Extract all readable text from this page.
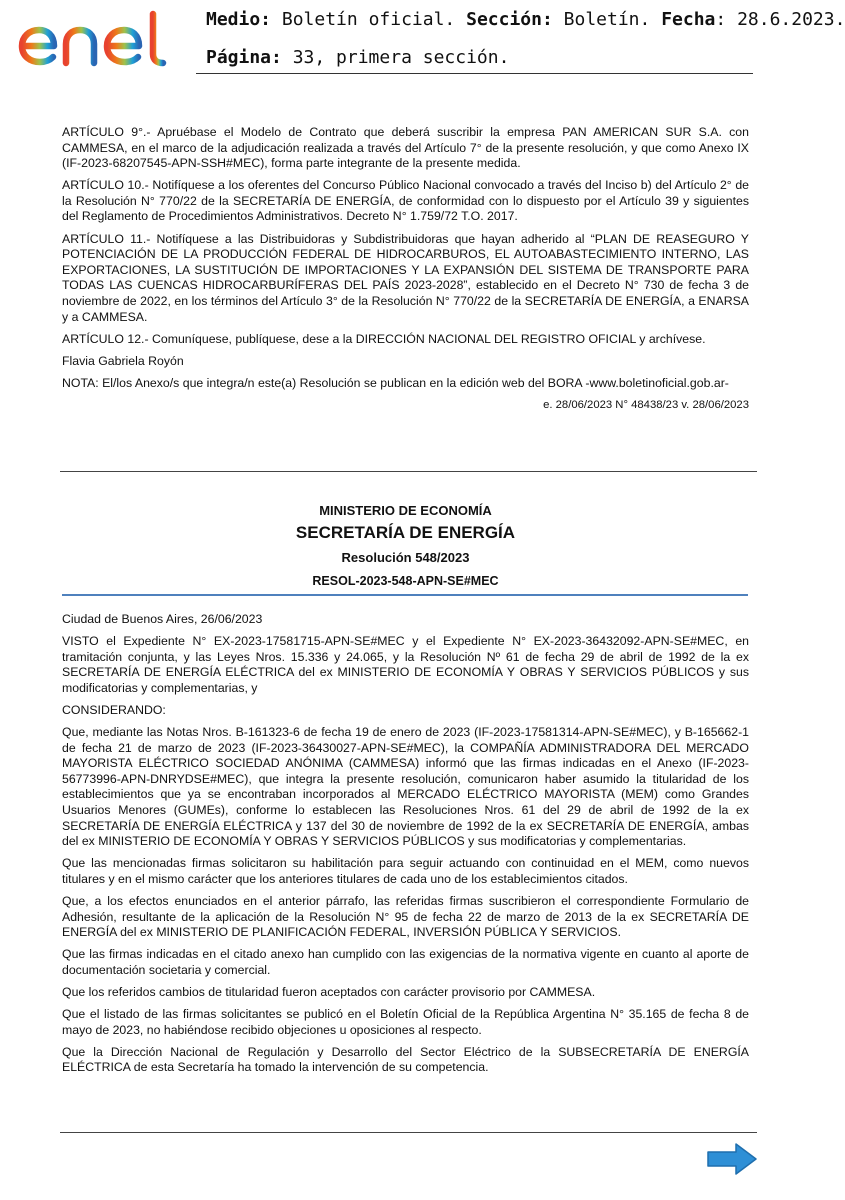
Medio: Boletín oficial. Sección: Boletín. Fecha: 28.6.2023.
Página: 33, primera sección.

ARTÍCULO 9°.- Apruébase el Modelo de Contrato que deberá suscribir la empresa PAN AMERICAN SUR S.A. con CAMMESA, en el marco de la adjudicación realizada a través del Artículo 7° de la presente resolución, y que como Anexo IX (IF-2023-68207545-APN-SSH#MEC), forma parte integrante de la presente medida.

ARTÍCULO 10.- Notifíquese a los oferentes del Concurso Público Nacional convocado a través del Inciso b) del Artículo 2° de la Resolución N° 770/22 de la SECRETARÍA DE ENERGÍA, de conformidad con lo dispuesto por el Artículo 39 y siguientes del Reglamento de Procedimientos Administrativos. Decreto N° 1.759/72 T.O. 2017.

ARTÍCULO 11.- Notifíquese a las Distribuidoras y Subdistribuidoras que hayan adherido al “PLAN DE REASEGURO Y POTENCIACIÓN DE LA PRODUCCIÓN FEDERAL DE HIDROCARBUROS, EL AUTOABASTECIMIENTO INTERNO, LAS EXPORTACIONES, LA SUSTITUCIÓN DE IMPORTACIONES Y LA EXPANSIÓN DEL SISTEMA DE TRANSPORTE PARA TODAS LAS CUENCAS HIDROCARBURÍFERAS DEL PAÍS 2023-2028”, establecido en el Decreto N° 730 de fecha 3 de noviembre de 2022, en los términos del Artículo 3° de la Resolución N° 770/22 de la SECRETARÍA DE ENERGÍA, a ENARSA y a CAMMESA.

ARTÍCULO 12.- Comuníquese, publíquese, dese a la DIRECCIÓN NACIONAL DEL REGISTRO OFICIAL y archívese.

Flavia Gabriela Royón

NOTA: El/los Anexo/s que integra/n este(a) Resolución se publican en la edición web del BORA -www.boletinoficial.gob.ar-

e. 28/06/2023 N° 48438/23 v. 28/06/2023

MINISTERIO DE ECONOMÍA
SECRETARÍA DE ENERGÍA
Resolución 548/2023
RESOL-2023-548-APN-SE#MEC

Ciudad de Buenos Aires, 26/06/2023

VISTO el Expediente N° EX-2023-17581715-APN-SE#MEC y el Expediente N° EX-2023-36432092-APN-SE#MEC, en tramitación conjunta, y las Leyes Nros. 15.336 y 24.065, y la Resolución Nº 61 de fecha 29 de abril de 1992 de la ex SECRETARÍA DE ENERGÍA ELÉCTRICA del ex MINISTERIO DE ECONOMÍA Y OBRAS Y SERVICIOS PÚBLICOS y sus modificatorias y complementarias, y

CONSIDERANDO:

Que, mediante las Notas Nros. B-161323-6 de fecha 19 de enero de 2023 (IF-2023-17581314-APN-SE#MEC), y B-165662-1 de fecha 21 de marzo de 2023 (IF-2023-36430027-APN-SE#MEC), la COMPAÑÍA ADMINISTRADORA DEL MERCADO MAYORISTA ELÉCTRICO SOCIEDAD ANÓNIMA (CAMMESA) informó que las firmas indicadas en el Anexo (IF-2023-56773996-APN-DNRYDSE#MEC), que integra la presente resolución, comunicaron haber asumido la titularidad de los establecimientos que ya se encontraban incorporados al MERCADO ELÉCTRICO MAYORISTA (MEM) como Grandes Usuarios Menores (GUMEs), conforme lo establecen las Resoluciones Nros. 61 del 29 de abril de 1992 de la ex SECRETARÍA DE ENERGÍA ELÉCTRICA y 137 del 30 de noviembre de 1992 de la ex SECRETARÍA DE ENERGÍA, ambas del ex MINISTERIO DE ECONOMÍA Y OBRAS Y SERVICIOS PÚBLICOS y sus modificatorias y complementarias.

Que las mencionadas firmas solicitaron su habilitación para seguir actuando con continuidad en el MEM, como nuevos titulares y en el mismo carácter que los anteriores titulares de cada uno de los establecimientos citados.

Que, a los efectos enunciados en el anterior párrafo, las referidas firmas suscribieron el correspondiente Formulario de Adhesión, resultante de la aplicación de la Resolución N° 95 de fecha 22 de marzo de 2013 de la ex SECRETARÍA DE ENERGÍA del ex MINISTERIO DE PLANIFICACIÓN FEDERAL, INVERSIÓN PÚBLICA Y SERVICIOS.

Que las firmas indicadas en el citado anexo han cumplido con las exigencias de la normativa vigente en cuanto al aporte de documentación societaria y comercial.

Que los referidos cambios de titularidad fueron aceptados con carácter provisorio por CAMMESA.

Que el listado de las firmas solicitantes se publicó en el Boletín Oficial de la República Argentina N° 35.165 de fecha 8 de mayo de 2023, no habiéndose recibido objeciones u oposiciones al respecto.

Que la Dirección Nacional de Regulación y Desarrollo del Sector Eléctrico de la SUBSECRETARÍA DE ENERGÍA ELÉCTRICA de esta Secretaría ha tomado la intervención de su competencia.
